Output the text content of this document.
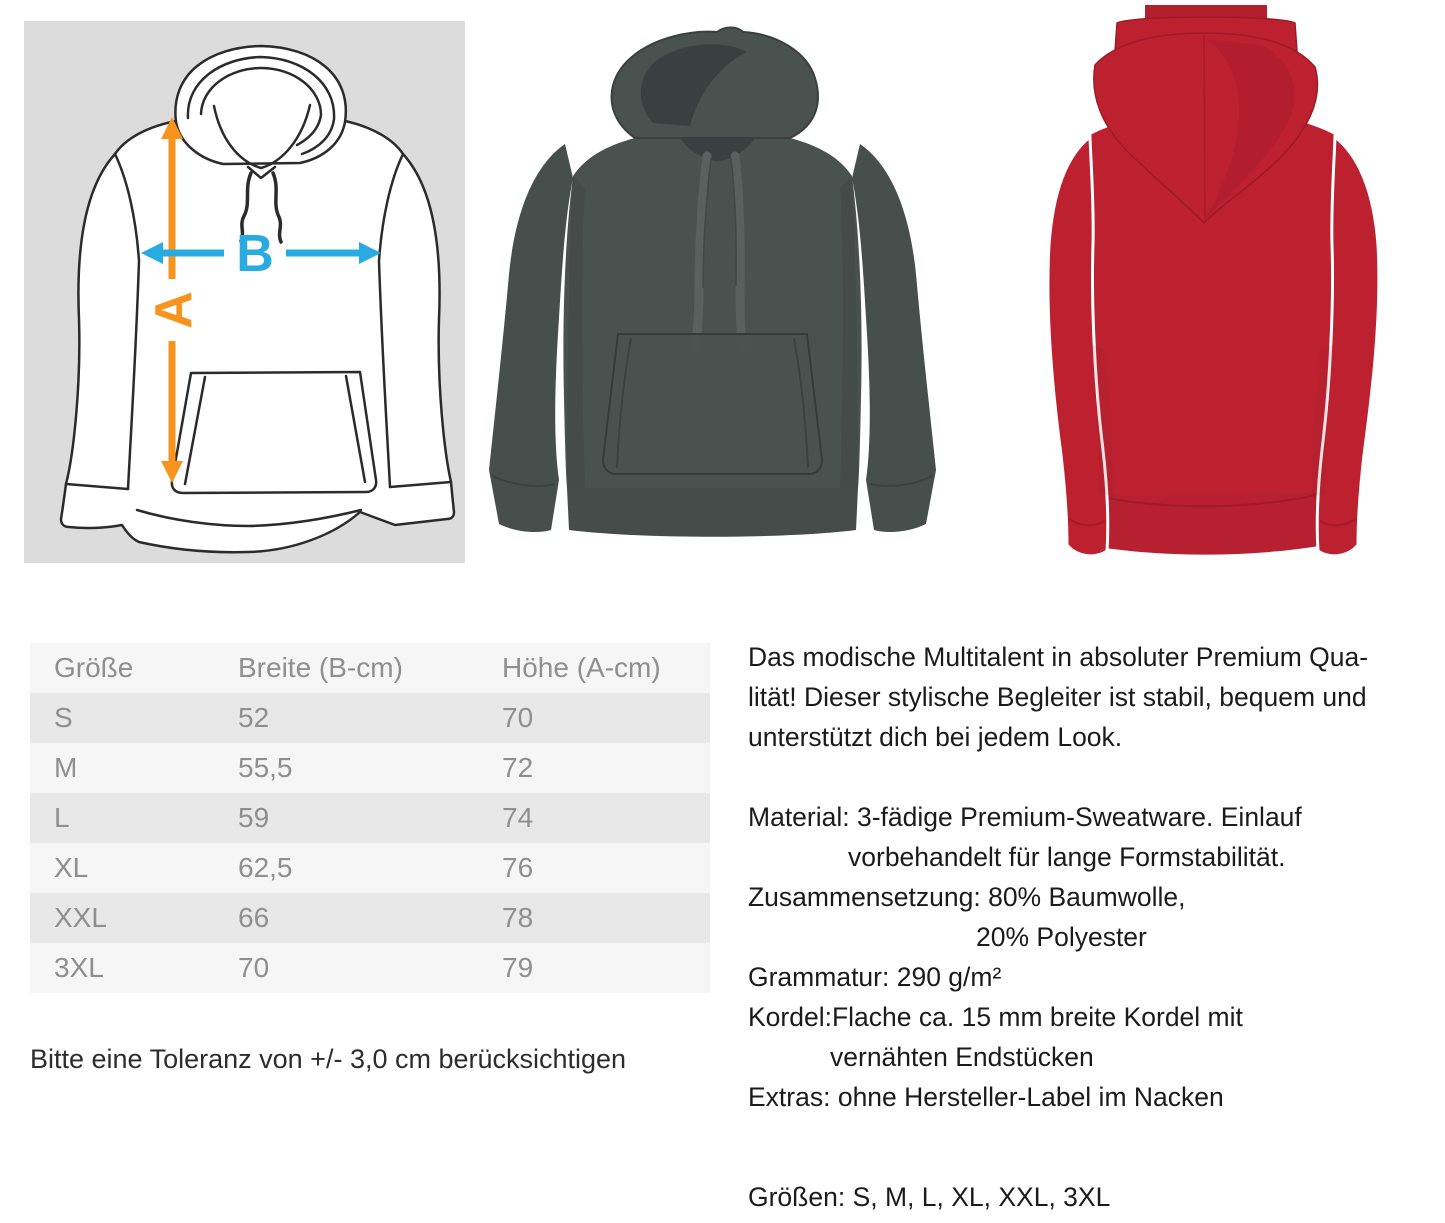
A
B
Größe	Breite (B-cm)	Höhe (A-cm)
S	52	70
M	55,5	72
L	59	74
XL	62,5	76
XXL	66	78
3XL	70	79
Bitte eine Toleranz von +/- 3,0 cm berücksichtigen
Das modische Multitalent in absoluter Premium Qua-
lität! Dieser stylische Begleiter ist stabil, bequem und
unterstützt dich bei jedem Look.
Material: 3-fädige Premium-Sweatware. Einlauf
vorbehandelt für lange Formstabilität.
Zusammensetzung: 80% Baumwolle,
20% Polyester
Grammatur: 290 g/m²
Kordel:Flache ca. 15 mm breite Kordel mit
vernähten Endstücken
Extras: ohne Hersteller-Label im Nacken
Größen: S, M, L, XL, XXL, 3XL
